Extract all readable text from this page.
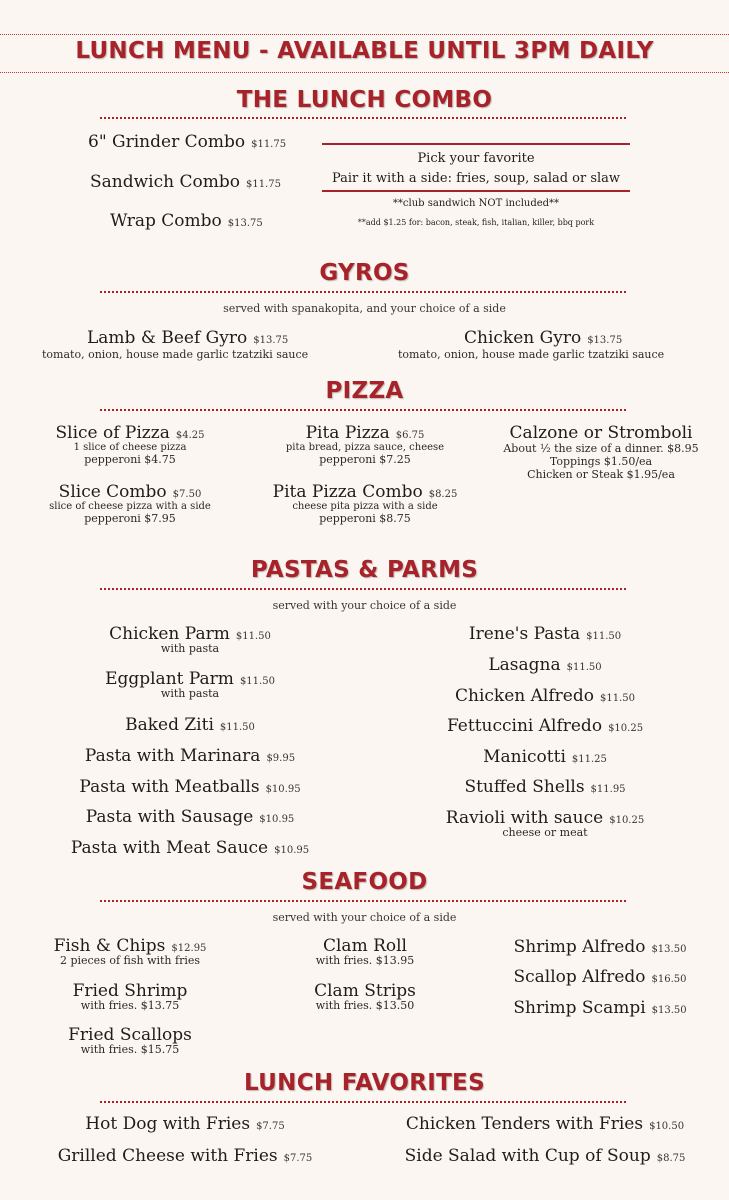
LUNCH MENU - AVAILABLE UNTIL 3PM DAILY
THE LUNCH COMBO
6" Grinder Combo $11.75
Sandwich Combo $11.75
Wrap Combo $13.75
Pick your favorite
Pair it with a side: fries, soup, salad or slaw
**club sandwich NOT included**
**add $1.25 for: bacon, steak, fish, italian, killer, bbq pork
GYROS
served with spanakopita, and your choice of a side
Lamb & Beef Gyro $13.75
tomato, onion, house made garlic tzatziki sauce
Chicken Gyro $13.75
tomato, onion, house made garlic tzatziki sauce
PIZZA
Slice of Pizza $4.25
1 slice of cheese pizza
pepperoni $4.75
Pita Pizza $6.75
pita bread, pizza sauce, cheese
pepperoni $7.25
Calzone or Stromboli
About ½ the size of a dinner. $8.95
Toppings $1.50/ea
Chicken or Steak $1.95/ea
Slice Combo $7.50
slice of cheese pizza with a side
pepperoni $7.95
Pita Pizza Combo $8.25
cheese pita pizza with a side
pepperoni $8.75
PASTAS & PARMS
served with your choice of a side
Chicken Parm $11.50
with pasta
Eggplant Parm $11.50
with pasta
Baked Ziti $11.50
Pasta with Marinara $9.95
Pasta with Meatballs $10.95
Pasta with Sausage $10.95
Pasta with Meat Sauce $10.95
Irene's Pasta $11.50
Lasagna $11.50
Chicken Alfredo $11.50
Fettuccini Alfredo $10.25
Manicotti $11.25
Stuffed Shells $11.95
Ravioli with sauce $10.25
cheese or meat
SEAFOOD
served with your choice of a side
Fish & Chips $12.95
2 pieces of fish with fries
Fried Shrimp
with fries. $13.75
Fried Scallops
with fries. $15.75
Clam Roll
with fries. $13.95
Clam Strips
with fries. $13.50
Shrimp Alfredo $13.50
Scallop Alfredo $16.50
Shrimp Scampi $13.50
LUNCH FAVORITES
Hot Dog with Fries $7.75
Grilled Cheese with Fries $7.75
Chicken Tenders with Fries $10.50
Side Salad with Cup of Soup $8.75
